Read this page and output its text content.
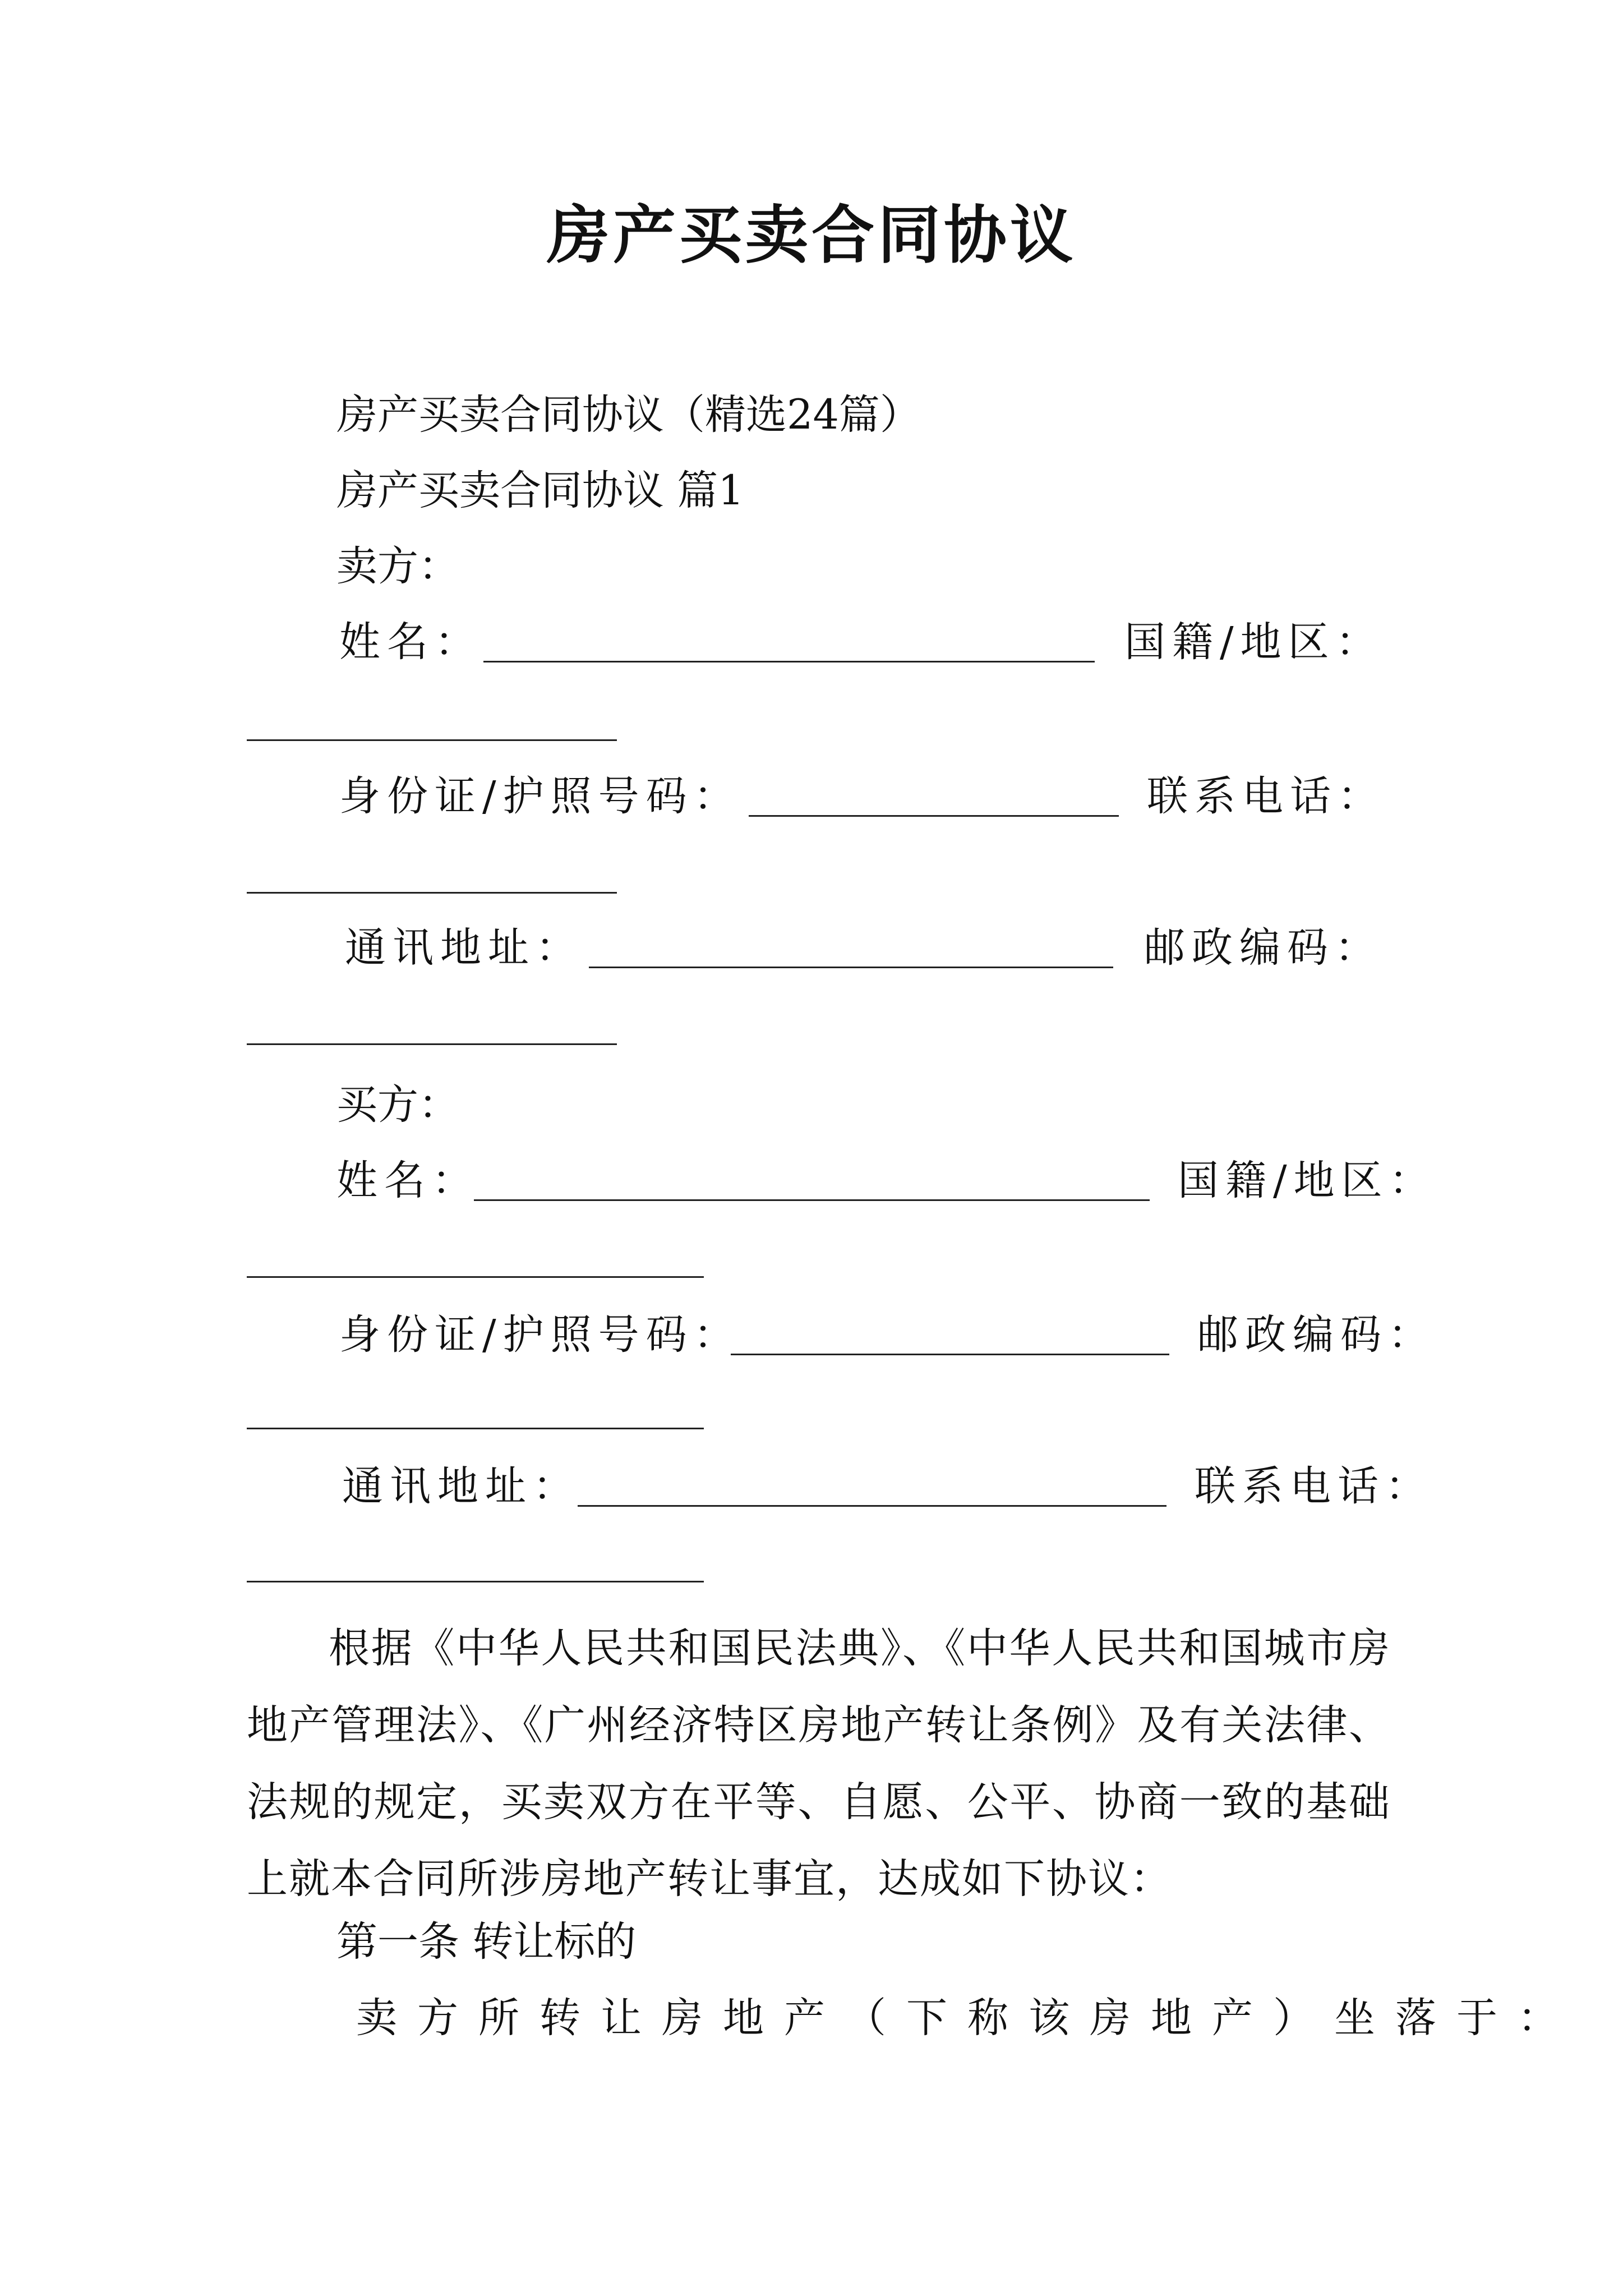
房产买卖合同协议
房产买卖合同协议（精选24篇）
房产买卖合同协议 篇1
卖方：
姓名：	国籍/地区：
身份证/护照号码：	联系电话：
通讯地址：	邮政编码：
买方：
姓名：	国籍/地区：
身份证/护照号码：	邮政编码：
通讯地址：	联系电话：
根据《中华人民共和国民法典》、《中华人民共和国城市房地产管理法》、《广州经济特区房地产转让条例》及有关法律、法规的规定，买卖双方在平等、自愿、公平、协商一致的基础上就本合同所涉房地产转让事宜，达成如下协议：
第一条 转让标的
卖方所转让房地产（下称该房地产）坐落于：
